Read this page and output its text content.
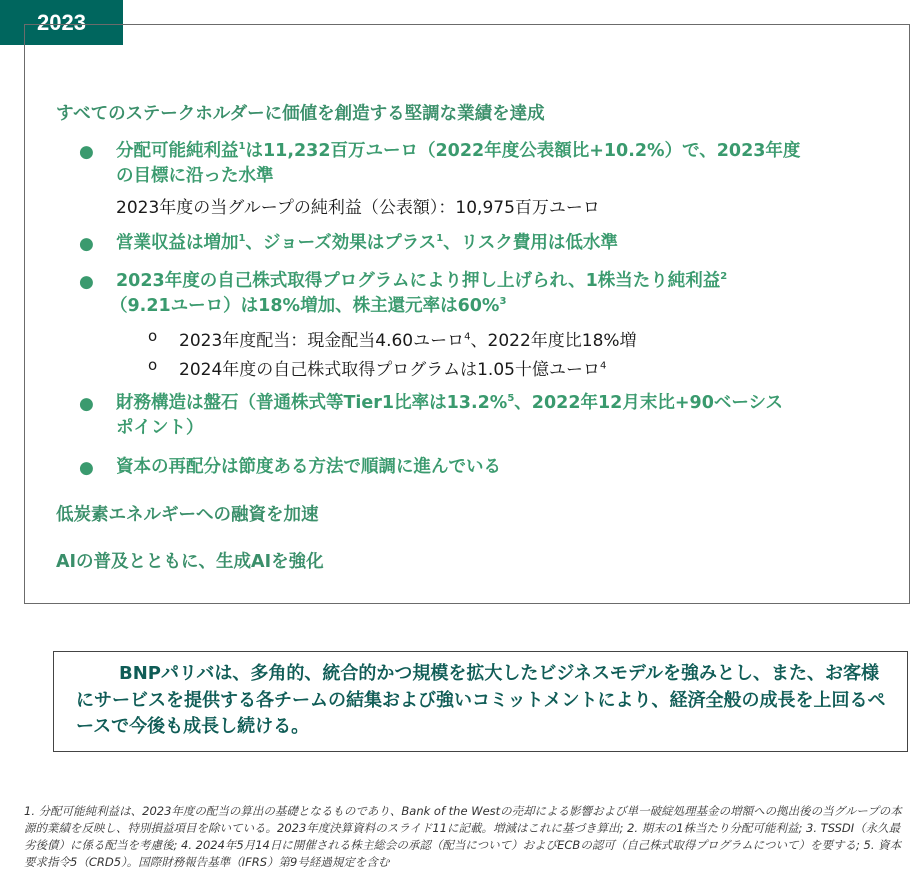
2023
すべてのステークホルダーに価値を創造する堅調な業績を達成
● 分配可能純利益$^1$は11,232百万ユーロ（2022年度公表額比+10.2%）で、2023年度
の目標に沿った水準
2023年度の当グループの純利益（公表額）：10,975百万ユーロ
● 営業収益は増加$^1$、ジョーズ効果はプラス$^1$、リスク費用は低水準
● 2023年度の自己株式取得プログラムにより押し上げられ、1株当たり純利益$^2$
（9.21ユーロ）は18%増加、株主還元率は60%$^3$
o 2023年度配当：現金配当4.60ユーロ$^4$、2022年度比18%増
o 2024年度の自己株式取得プログラムは1.05十億ユーロ$^4$
● 財務構造は盤石（普通株式等Tier1比率は13.2%$^5$、2022年12月末比+90ベーシス
ポイント）
● 資本の再配分は節度ある方法で順調に進んでいる
低炭素エネルギーへの融資を加速
AIの普及とともに、生成AIを強化
BNPパリバは、多角的、統合的かつ規模を拡大したビジネスモデルを強みとし、また、お客様にサービスを提供する各チームの結集および強いコミットメントにより、経済全般の成長を上回るペースで今後も成長し続ける。
1. 分配可能純利益は、2023年度の配当の算出の基礎となるものであり、Bank of the Westの売却による影響および単一破綻処理基金の増額への拠出後の当グループの本源的業績を反映し、特別損益項目を除いている。2023年度決算資料のスライド11に記載。増減はこれに基づき算出; 2. 期末の1株当たり分配可能利益; 3. TSSDI（永久最劣後債）に係る配当を考慮後; 4. 2024年5月14日に開催される株主総会の承認（配当について）およびECBの認可（自己株式取得プログラムについて）を要する; 5. 資本要求指令5（CRD5）。国際財務報告基準（IFRS）第9号経過規定を含む
